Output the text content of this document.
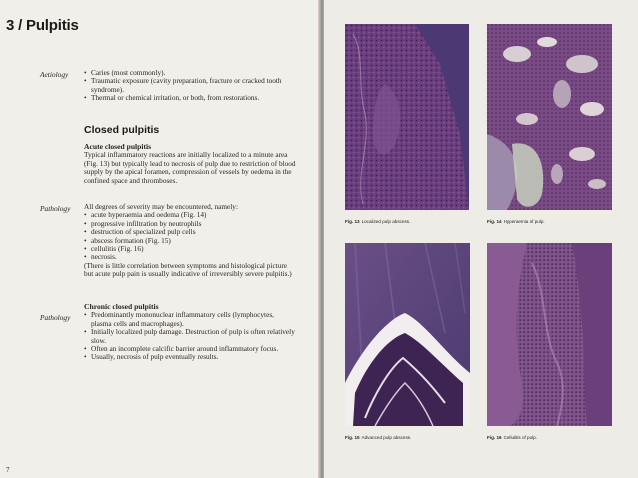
3 / Pulpitis
Aetiology
•	Caries (most commonly).
• Traumatic exposure (cavity preparation, fracture or cracked tooth syndrome).
• Thermal or chemical irritation, or both, from restorations.
Closed pulpitis
Acute closed pulpitis
Typical inflammatory reactions are initially localized to a minute area (Fig. 13) but typically lead to necrosis of pulp due to restriction of blood supply by the apical foramen, compression of vessels by oedema in the confined space and thromboses.
Pathology All degrees of severity may be encountered, namely:
• acute hyperaemia and oedema (Fig. 14)
• progressive infiltration by neutrophils
• destruction of specialized pulp cells
• abscess formation (Fig. 15)
• cellulitis (Fig. 16)
• necrosis.
(There is little correlation between symptoms and histological picture but acute pulp pain is usually indicative of irreversibly severe pulpitis.)
Pathology
Chronic closed pulpitis
• Predominantly mononuclear inflammatory cells (lymphocytes, plasma cells and macrophages).
• Initially localized pulp damage. Destruction of pulp is often relatively slow.
• Often an incomplete calcific barrier around inflammatory focus.
• Usually, necrosis of pulp eventually results.
7
Fig. 13 Localized pulp abscess.	Fig. 14 Hyperaemia of pulp.
Fig. 15 Advanced pulp abscess.	Fig. 16 Cellulitis of pulp.
